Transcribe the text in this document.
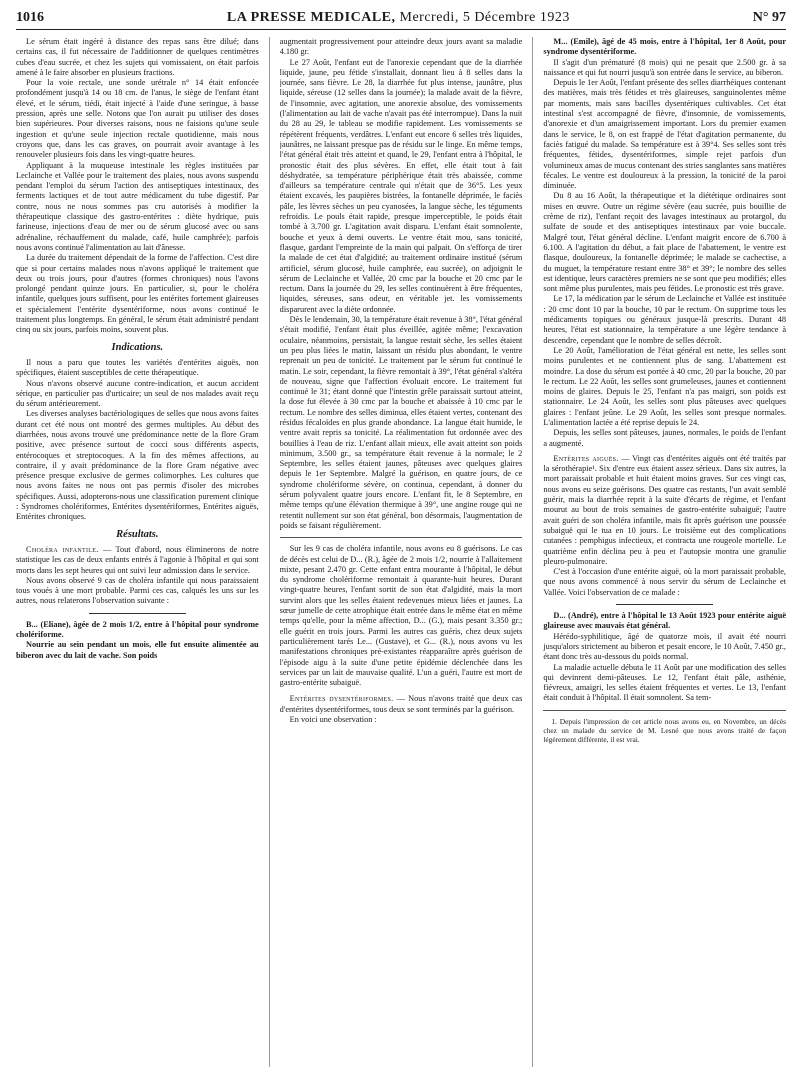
1016	LA PRESSE MEDICALE, Mercredi, 5 Décembre 1923	N° 97

Le sérum était ingéré à distance des repas sans être dilué; dans certains cas, il fut nécessaire de l'additionner de quelques centimètres cubes d'eau sucrée, et chez les sujets qui vomissaient, on était parfois amené à le faire absorber en plusieurs fractions.

Pour la voie rectale, une sonde urétrale n° 14 était enfoncée profondément jusqu'à 14 ou 18 cm. de l'anus, le siège de l'enfant étant élevé, et le sérum, tiédi, était injecté à l'aide d'une seringue, à basse pression, après une selle. Notons que l'on aurait pu utiliser des doses bien supérieures. Pour diverses raisons, nous ne faisions qu'une seule ingestion et qu'une seule injection rectale quotidienne, mais nous croyons que, dans les cas graves, on pourrait avoir avantage à les renouveler plusieurs fois dans les vingt-quatre heures.

Appliquant à la muqueuse intestinale les règles instituées par Leclainche et Vallée pour le traitement des plaies, nous avons suspendu pendant l'emploi du sérum l'action des antiseptiques intestinaux, des ferments lactiques et de tout autre médicament du tube digestif. Par contre, nous ne nous sommes pas cru autorisés à modifier la thérapeutique classique des gastro-entérites : diète hydrique, puis farineuse, injections d'eau de mer ou de sérum glucosé avec ou sans adrénaline, réchauffement du malade, café, huile camphrée); parfois nous avons continué l'alimentation au lait d'ânesse.

La durée du traitement dépendait de la forme de l'affection. C'est dire que si pour certains malades nous n'avons appliqué le traitement que deux ou trois jours, pour d'autres (formes chroniques) nous l'avons prolongé pendant quinze jours. En particulier, si, pour le choléra infantile, quelques jours suffisent, pour les entérites fortement glaireuses et spécialement l'entérite dysentériforme, nous avons continué le traitement plus longtemps. En général, le sérum était administré pendant cinq ou six jours, parfois moins, souvent plus.

Indications.

Il nous a paru que toutes les variétés d'entérites aiguës, non spécifiques, étaient susceptibles de cette thérapeutique.

Nous n'avons observé aucune contre-indication, et aucun accident sérique, en particulier pas d'urticaire; un seul de nos malades avait reçu du sérum antérieurement.

Les diverses analyses bactériologiques de selles que nous avons faites durant cet été nous ont montré des germes multiples. Au début des diarrhées, nous avons trouvé une prédominance nette de la flore Gram positive, avec présence surtout de cocci sous différents aspects, entérocoques et streptocoques. A la fin des mêmes affections, au contraire, il y avait prédominance de la flore Gram négative avec présence presque exclusive de germes colimorphes. Les cultures que nous avons faites ne nous ont pas permis d'isoler des microbes spécifiques. Aussi, adopterons-nous une classification purement clinique : Syndromes cholériformes, Entérites dysentériformes, Entérites aiguës, Entérites chroniques.

Résultats.

Choléra infantile. — Tout d'abord, nous éliminerons de notre statistique les cas de deux enfants entrés à l'agonie à l'hôpital et qui sont morts dans les sept heures qui ont suivi leur admission dans le service.

Nous avons observé 9 cas de choléra infantile qui nous paraissaient tous voués à une mort probable. Parmi ces cas, calqués les uns sur les autres, nous relaterons l'observation suivante :

B... (Eliane), âgée de 2 mois 1/2, entre à l'hôpital pour syndrome cholériforme.

Nourrie au sein pendant un mois, elle fut ensuite alimentée au biberon avec du lait de vache. Son poids

augmentait progressivement pour atteindre deux jours avant sa maladie 4.180 gr.

Le 27 Août, l'enfant eut de l'anorexie cependant que de la diarrhée liquide, jaune, peu fétide s'installait, donnant lieu à 8 selles dans la journée, sans fièvre. Le 28, la diarrhée fut plus intense, jaunâtre, plus liquide, séreuse (12 selles dans la journée); la malade avait de la fièvre, de l'insomnie, avec agitation, une anorexie absolue, des vomissements (l'alimentation au lait de vache n'avait pas été interrompue). Dans la nuit du 28 au 29, le tableau se modifie rapidement. Les vomissements se répétèrent fréquents, verdâtres. L'enfant eut encore 6 selles très liquides, jaunâtres, ne laissant presque pas de résidu sur le linge. En même temps, l'état général était très atteint et quand, le 29, l'enfant entra à l'hôpital, le pronostic était des plus sévères. En effet, elle était tout à fait déshydratée, sa température périphérique était très abaissée, comme d'ailleurs sa température centrale qui n'était que de 36°5. Les yeux étaient excavés, les paupières bistrées, la fontanelle déprimée, le faciès pâle, les lèvres sèches un peu cyanosées, la langue sèche, les téguments refroidis. Le pouls était rapide, presque imperceptible, le poids était tombé à 3.700 gr. L'agitation avait disparu. L'enfant était somnolente, bouche et yeux à demi ouverts. Le ventre était mou, sans tonicité, flasque, gardant l'empreinte de la main qui palpait. On s'efforça de tirer la malade de cet état d'algidité; au traitement ordinaire institué (sérum artificiel, sérum glucosé, huile camphrée, eau sucrée), on adjoignit le sérum de Leclainche et Vallée, 20 cmc par la bouche et 20 cmc par le rectum. Dans la journée du 29, les selles continuèrent à être fréquentes, liquides, séreuses, sans odeur, en véritable jet. les vomissements disparurent avec la diète ordonnée.

Dès le lendemain, 30, la température était revenue à 38°, l'état général s'était modifié, l'enfant était plus éveillée, agitée même; l'excavation oculaire, néanmoins, persistait, la langue restait sèche, les selles étaient un peu plus liées le matin, laissant un résidu plus abondant, le ventre reprenait un peu de tonicité. Le traitement par le sérum fut continué le matin. Le soir, cependant, la fièvre remontait à 39°, l'état général s'altéra de nouveau, signe que l'affection évoluait encore. Le traitement fut continué le 31; étant donné que l'intestin grêle paraissait surtout atteint, la dose fut élevée à 30 cmc par la bouche et abaissée à 10 cmc par le rectum. Le nombre des selles diminua, elles étaient vertes, contenant des résidus fécaloïdes en plus grande abondance. La langue était humide, le ventre avait repris sa tonicité. La réalimentation fut ordonnée avec des bouillies à l'eau de riz. L'enfant allait mieux, elle avait atteint son poids minimum, 3.500 gr., sa température était revenue à la normale; le 2 Septembre, les selles étaient jaunes, pâteuses avec quelques glaires depuis le 1er Septembre. Malgré la guérison, en quatre jours, de ce syndrome cholériforme sévère, on continua, cependant, à donner du sérum polyvalent quatre jours encore. L'enfant fit, le 8 Septembre, en même temps qu'une élévation thermique à 39°, une angine rouge qui ne retentit nullement sur son état général, bon désormais, l'augmentation de poids se faisant régulièrement.

Sur les 9 cas de choléra infantile, nous avons eu 8 guérisons. Le cas de décès est celui de D... (R.), âgée de 2 mois 1/2, nourrie à l'allaitement mixte, pesant 2.470 gr. Cette enfant entra mourante à l'hôpital, le début du syndrome cholériforme remontait à quarante-huit heures. Durant vingt-quatre heures, l'enfant sortit de son état d'algidité, mais la mort survint alors que les selles étaient redevenues mieux liées et jaunes. La sœur jumelle de cette atrophique était entrée dans le même état en même temps qu'elle, pour la même affection, D... (G.), mais pesant 3.350 gr.; elle guérit en trois jours. Parmi les autres cas guéris, chez deux sujets particulièrement tarés Le... (Gustave), et G... (R.), nous avons vu les manifestations chroniques pré-existantes réapparaître après guérison de l'épisode aigu à la suite d'une petite épidémie déclenchée dans les services par un lait de mauvaise qualité. L'un a guéri, l'autre est mort de gastro-entérite subaiguë.

Entérites dysentériformes. — Nous n'avons traité que deux cas d'entérites dysentériformes, tous deux se sont terminés par la guérison.

En voici une observation :

M... (Emile), âgé de 45 mois, entre à l'hôpital, 1er 8 Août, pour syndrome dysentériforme.

Il s'agit d'un prématuré (8 mois) qui ne pesait que 2.500 gr. à sa naissance et qui fut nourri jusqu'à son entrée dans le service, au biberon.

Depuis le 1er Août, l'enfant présente des selles diarrhéiques contenant des matières, mais très fétides et très glaireuses, sanguinolentes même par moments, mais sans bacilles dysentériques cultivables. Cet état intestinal s'est accompagné de fièvre, d'insomnie, de vomissements, d'anorexie et d'un amaigrissement important. Lors du premier examen dans le service, le 8, on est frappé de l'état d'agitation permanente, du faciès fatigué du malade. Sa température est à 39°4. Ses selles sont très fréquentes, fétides, dysentériformes, simple rejet parfois d'un volumineux amas de mucus contenant des stries sanglantes sans matières fécales. Le ventre est douloureux à la pression, la tonicité de la paroi diminuée.

Du 8 au 16 Août, la thérapeutique et la diététique ordinaires sont mises en œuvre. Outre un régime sévère (eau sucrée, puis bouillie de crème de riz), l'enfant reçoit des lavages intestinaux au protargol, du sulfate de soude et des antiseptiques intestinaux par voie buccale. Malgré tout, l'état général décline. L'enfant maigrit encore de 6.700 à 6.100. A l'agitation du début, a fait place de l'abattement, le ventre est flasque, douloureux, la fontanelle déprimée; le malade se cachectise, a du muguet, la température restant entre 38° et 39°; le nombre des selles est identique, leurs caractères premiers ne se sont que peu modifiés; elles sont même plus purulentes, mais peu fétides. Le pronostic est très grave.

Le 17, la médication par le sérum de Leclainche et Vallée est instituée : 20 cmc dont 10 par la bouche, 10 par le rectum. On supprime tous les médicaments topiques ou généraux jusque-là prescrits. Durant 48 heures, l'état est stationnaire, la température a une légère tendance à descendre, cependant que le nombre de selles décroît.

Le 20 Août, l'amélioration de l'état général est nette, les selles sont moins purulentes et ne contiennent plus de sang. L'abattement est moindre. La dose du sérum est portée à 40 cmc, 20 par la bouche, 20 par le rectum. Le 22 Août, les selles sont grumeleuses, jaunes et contiennent moins de glaires. Depuis le 25, l'enfant n'a pas maigri, son poids est stationnaire. Le 24 Août, les selles sont plus pâteuses avec quelques glaires : l'enfant jeûne. Le 29 Août, les selles sont presque normales. L'alimentation lactée a été reprise depuis le 24.

Depuis, les selles sont pâteuses, jaunes, normales, le poids de l'enfant a augmenté.

Entérites aiguës. — Vingt cas d'entérites aiguës ont été traités par la sérothérapie¹. Six d'entre eux étaient assez sérieux. Dans six autres, la mort paraissait probable et huit étaient moins graves. Sur ces vingt cas, nous avons eu seize guérisons. Des quatre cas restants, l'un avait semblé guérir, mais la diarrhée reprit à la suite d'écarts de régime, et l'enfant mourut au bout de trois semaines de gastro-entérite subaiguë; l'autre avait guéri de son choléra infantile, mais fit après guérison une poussée subaiguë qui le tua en 10 jours. Le troisième eut des complications cutanées : pemphigus infectieux, et contracta une rougeole mortelle. Le quatrième enfin déclina peu à peu et l'autopsie montra une granulie pleuro-pulmonaire.

C'est à l'occasion d'une entérite aiguë, où la mort paraissait probable, que nous avons commencé à nous servir du sérum de Leclainche et Vallée. Voici l'observation de ce malade :

D... (André), entre à l'hôpital le 13 Août 1923 pour entérite aiguë glaireuse avec mauvais état général.

Hérédo-syphilitique, âgé de quatorze mois, il avait été nourri jusqu'alors strictement au biberon et pesait encore, le 10 Août, 7.450 gr., étant donc très au-dessous du poids normal.

La maladie actuelle débuta le 11 Août par une modification des selles qui devinrent demi-pâteuses. Le 12, l'enfant était pâle, asthénie, fiévreux, amaigri, les selles étaient fréquentes et vertes. Le 13, l'enfant était conduit à l'hôpital. Il était somnolent. Sa tem-

1. Depuis l'impression de cet article nous avons eu, en Novembre, un décès chez un malade du service de M. Lesné que nous avons traité de façon légèrement différente, il est vrai.
